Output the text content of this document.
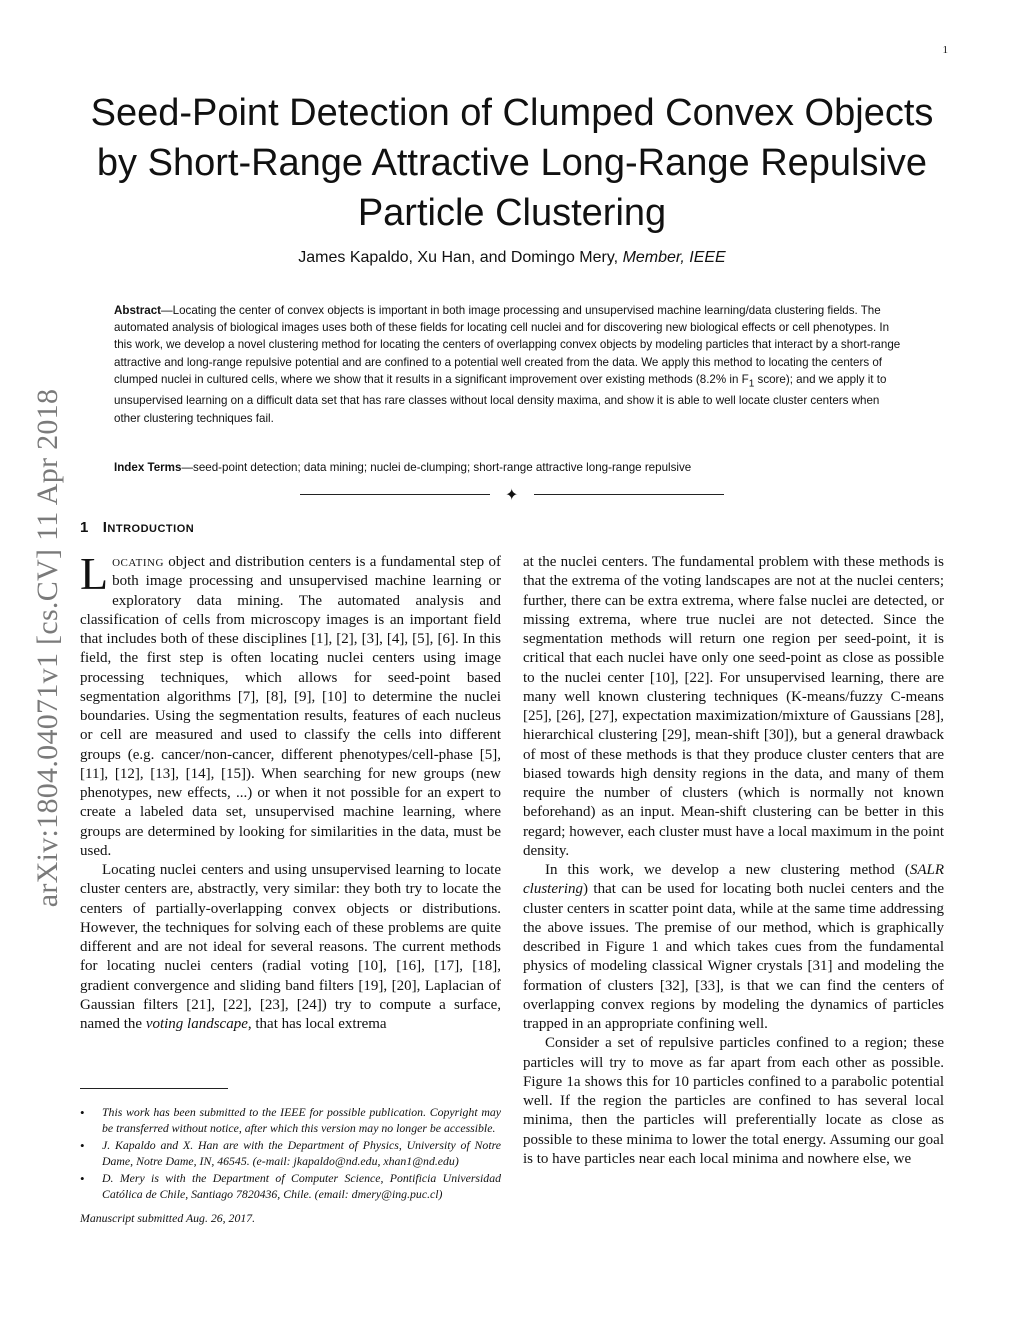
1
arXiv:1804.04071v1 [cs.CV] 11 Apr 2018
Seed-Point Detection of Clumped Convex Objects by Short-Range Attractive Long-Range Repulsive Particle Clustering
James Kapaldo, Xu Han, and Domingo Mery, Member, IEEE

Abstract—Locating the center of convex objects is important in both image processing and unsupervised machine learning/data clustering fields. The automated analysis of biological images uses both of these fields for locating cell nuclei and for discovering new biological effects or cell phenotypes. In this work, we develop a novel clustering method for locating the centers of overlapping convex objects by modeling particles that interact by a short-range attractive and long-range repulsive potential and are confined to a potential well created from the data. We apply this method to locating the centers of clumped nuclei in cultured cells, where we show that it results in a significant improvement over existing methods (8.2% in $F_1$ score); and we apply it to unsupervised learning on a difficult data set that has rare classes without local density maxima, and show it is able to well locate cluster centers when other clustering techniques fail.

Index Terms—seed-point detection; data mining; nuclei de-clumping; short-range attractive long-range repulsive

✦
1 Introduction

Locating object and distribution centers is a fundamental step of both image processing and unsupervised machine learning or exploratory data mining. The automated analysis and classification of cells from microscopy images is an important field that includes both of these disciplines [1], [2], [3], [4], [5], [6]. In this field, the first step is often locating nuclei centers using image processing techniques, which allows for seed-point based segmentation algorithms [7], [8], [9], [10] to determine the nuclei boundaries. Using the segmentation results, features of each nucleus or cell are measured and used to classify the cells into different groups (e.g. cancer/non-cancer, different phenotypes/cell-phase [5], [11], [12], [13], [14], [15]). When searching for new groups (new phenotypes, new effects, ...) or when it not possible for an expert to create a labeled data set, unsupervised machine learning, where groups are determined by looking for similarities in the data, must be used.

Locating nuclei centers and using unsupervised learning to locate cluster centers are, abstractly, very similar: they both try to locate the centers of partially-overlapping convex objects or distributions. However, the techniques for solving each of these problems are quite different and are not ideal for several reasons. The current methods for locating nuclei centers (radial voting [10], [16], [17], [18], gradient convergence and sliding band filters [19], [20], Laplacian of Gaussian filters [21], [22], [23], [24]) try to compute a surface, named the voting landscape, that has local extrema

at the nuclei centers. The fundamental problem with these methods is that the extrema of the voting landscapes are not at the nuclei centers; further, there can be extra extrema, where false nuclei are detected, or missing extrema, where true nuclei are not detected. Since the segmentation methods will return one region per seed-point, it is critical that each nuclei have only one seed-point as close as possible to the nuclei center [10], [22]. For unsupervised learning, there are many well known clustering techniques (K-means/fuzzy C-means [25], [26], [27], expectation maximization/mixture of Gaussians [28], hierarchical clustering [29], mean-shift [30]), but a general drawback of most of these methods is that they produce cluster centers that are biased towards high density regions in the data, and many of them require the number of clusters (which is normally not known beforehand) as an input. Mean-shift clustering can be better in this regard; however, each cluster must have a local maximum in the point density.

In this work, we develop a new clustering method (SALR clustering) that can be used for locating both nuclei centers and the cluster centers in scatter point data, while at the same time addressing the above issues. The premise of our method, which is graphically described in Figure 1 and which takes cues from the fundamental physics of modeling classical Wigner crystals [31] and modeling the formation of clusters [32], [33], is that we can find the centers of overlapping convex regions by modeling the dynamics of particles trapped in an appropriate confining well.

Consider a set of repulsive particles confined to a region; these particles will try to move as far apart from each other as possible. Figure 1a shows this for 10 particles confined to a parabolic potential well. If the region the particles are confined to has several local minima, then the particles will preferentially locate as close as possible to these minima to lower the total energy. Assuming our goal is to have particles near each local minima and nowhere else, we

• This work has been submitted to the IEEE for possible publication. Copyright may be transferred without notice, after which this version may no longer be accessible.
• J. Kapaldo and X. Han are with the Department of Physics, University of Notre Dame, Notre Dame, IN, 46545. (e-mail: jkapaldo@nd.edu, xhan1@nd.edu)
• D. Mery is with the Department of Computer Science, Pontificia Universidad Católica de Chile, Santiago 7820436, Chile. (email: dmery@ing.puc.cl)
Manuscript submitted Aug. 26, 2017.
